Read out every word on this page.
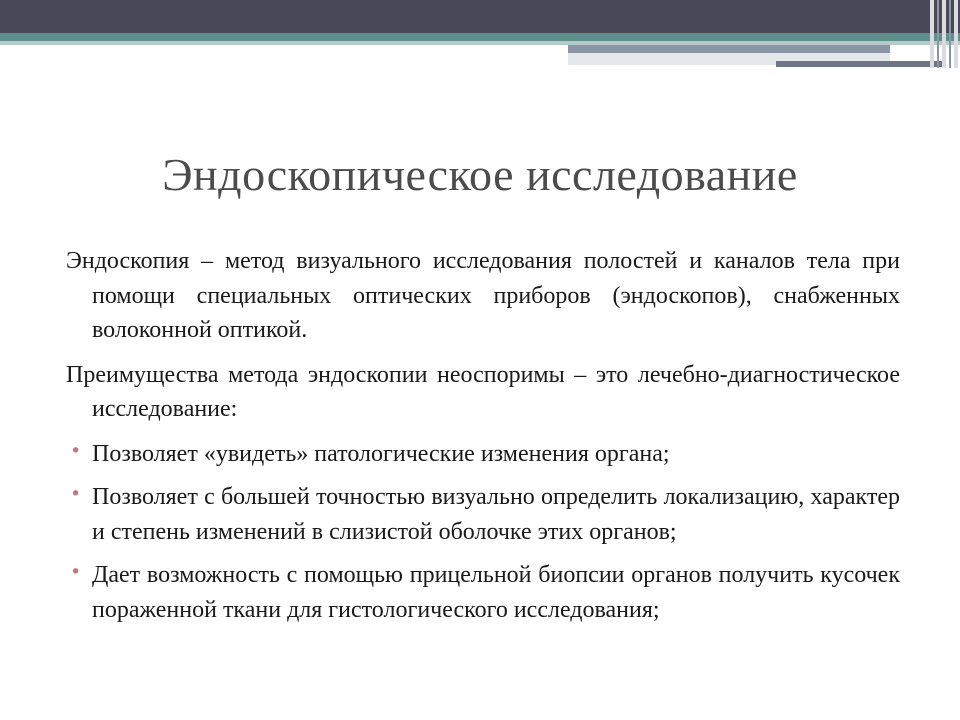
Эндоскопическое исследование

Эндоскопия – метод визуального исследования полостей и каналов тела при помощи специальных оптических приборов (эндоскопов), снабженных волоконной оптикой.

Преимущества метода эндоскопии неоспоримы – это лечебно-диагностическое исследование:

• Позволяет «увидеть» патологические изменения органа;
• Позволяет с большей точностью визуально определить локализацию, характер и степень изменений в слизистой оболочке этих органов;
• Дает возможность с помощью прицельной биопсии органов получить кусочек пораженной ткани для гистологического исследования;
